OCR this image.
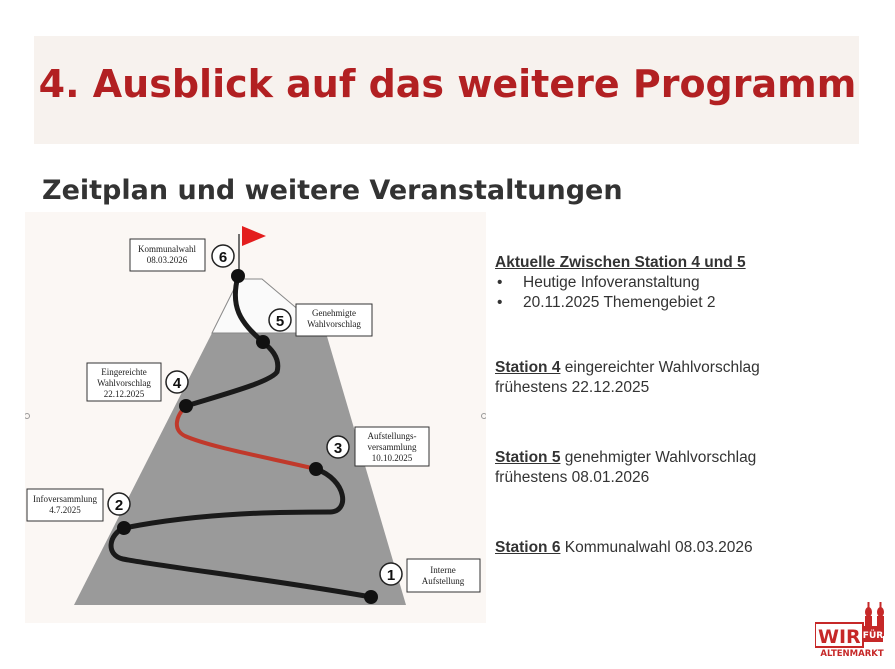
4. Ausblick auf das weitere Programm
Zeitplan und weitere Veranstaltungen
1
2
3
4
5
6
Interne
Aufstellung
Infoversammlung
4.7.2025
Aufstellungs-
versammlung
10.10.2025
Eingereichte
Wahlvorschlag
22.12.2025
Genehmigte
Wahlvorschlag
Kommunalwahl
08.03.2026	Aktuelle Zwischen Station 4 und 5
• Heutige Infoveranstaltung
• 20.11.2025 Themengebiet 2
Station 4 eingereichter Wahlvorschlag
frühestens 22.12.2025
Station 5 genehmigter Wahlvorschlag
frühestens 08.01.2026
Station 6 Kommunalwahl 08.03.2026
WIR FÜR
ALTENMARKT
